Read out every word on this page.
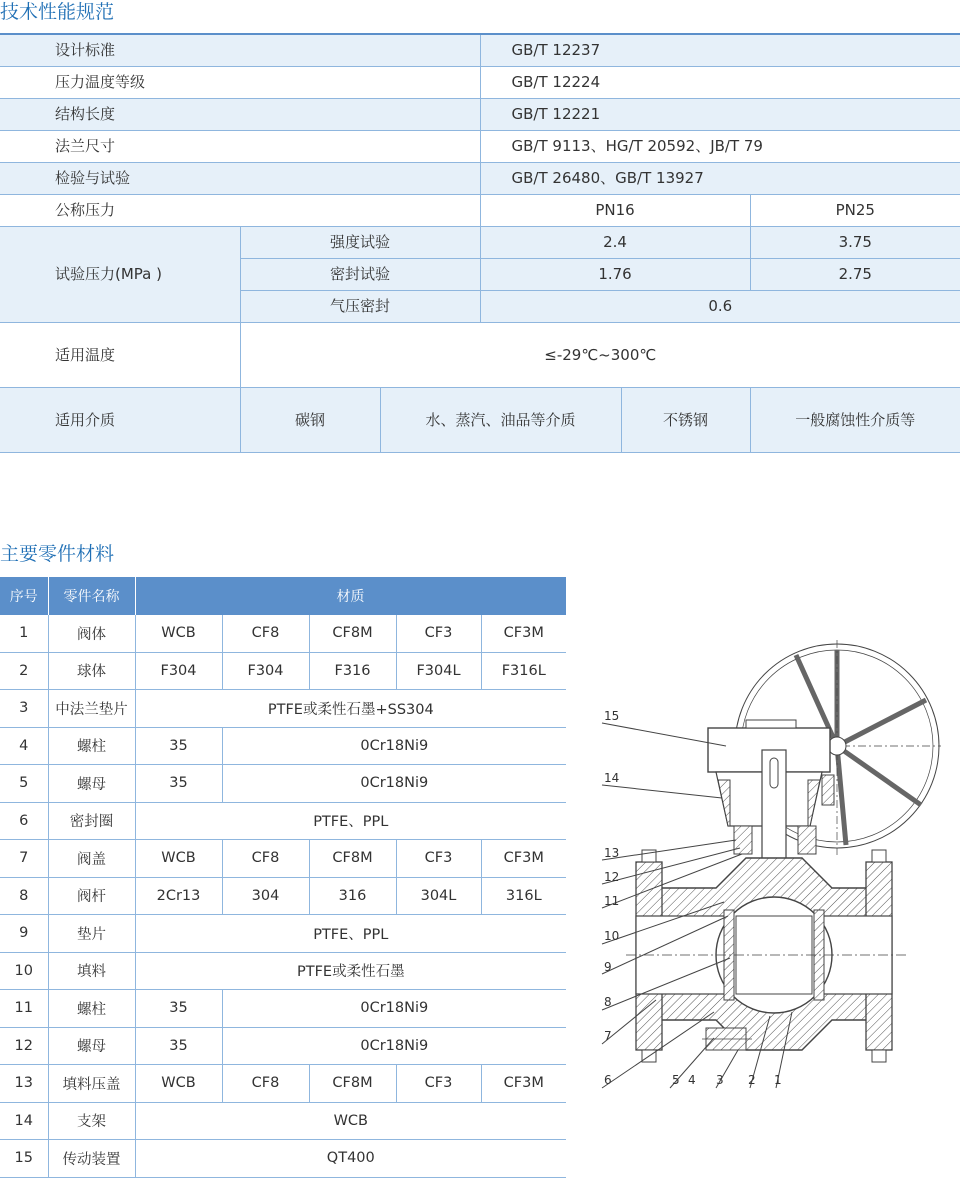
技术性能规范
设计标准			GB/T 12237		
压力温度等级			GB/T 12224		
结构长度			GB/T 12221		
法兰尺寸			GB/T 9113、HG/T 20592、JB/T 79		
检验与试验			GB/T 26480、GB/T 13927		
公称压力			PN16		PN25
试验压力(MPa )	强度试验		2.4		3.75
	密封试验		1.76		2.75
	气压密封		0.6		
适用温度	≤-29℃~300℃				
适用介质	碳钢	水、蒸汽、油品等介质		不锈钢	一般腐蚀性介质等
主要零件材料
序号	零件名称	材质				
1	阀体	WCB	CF8	CF8M	CF3	CF3M
2	球体	F304	F304	F316	F304L	F316L
3	中法兰垫片	PTFE或柔性石墨+SS304				
4	螺柱	35	0Cr18Ni9			
5	螺母	35	0Cr18Ni9			
6	密封圈	PTFE、PPL				
7	阀盖	WCB	CF8	CF8M	CF3	CF3M
8	阀杆	2Cr13	304	316	304L	316L
9	垫片	PTFE、PPL				
10	填料	PTFE或柔性石墨				
11	螺柱	35	0Cr18Ni9			
12	螺母	35	0Cr18Ni9			
13	填料压盖	WCB	CF8	CF8M	CF3	CF3M
14	支架	WCB				
15	传动装置	QT400				
15
14
13
12
11
10
9
8
7
6	5 4 3 2 1
